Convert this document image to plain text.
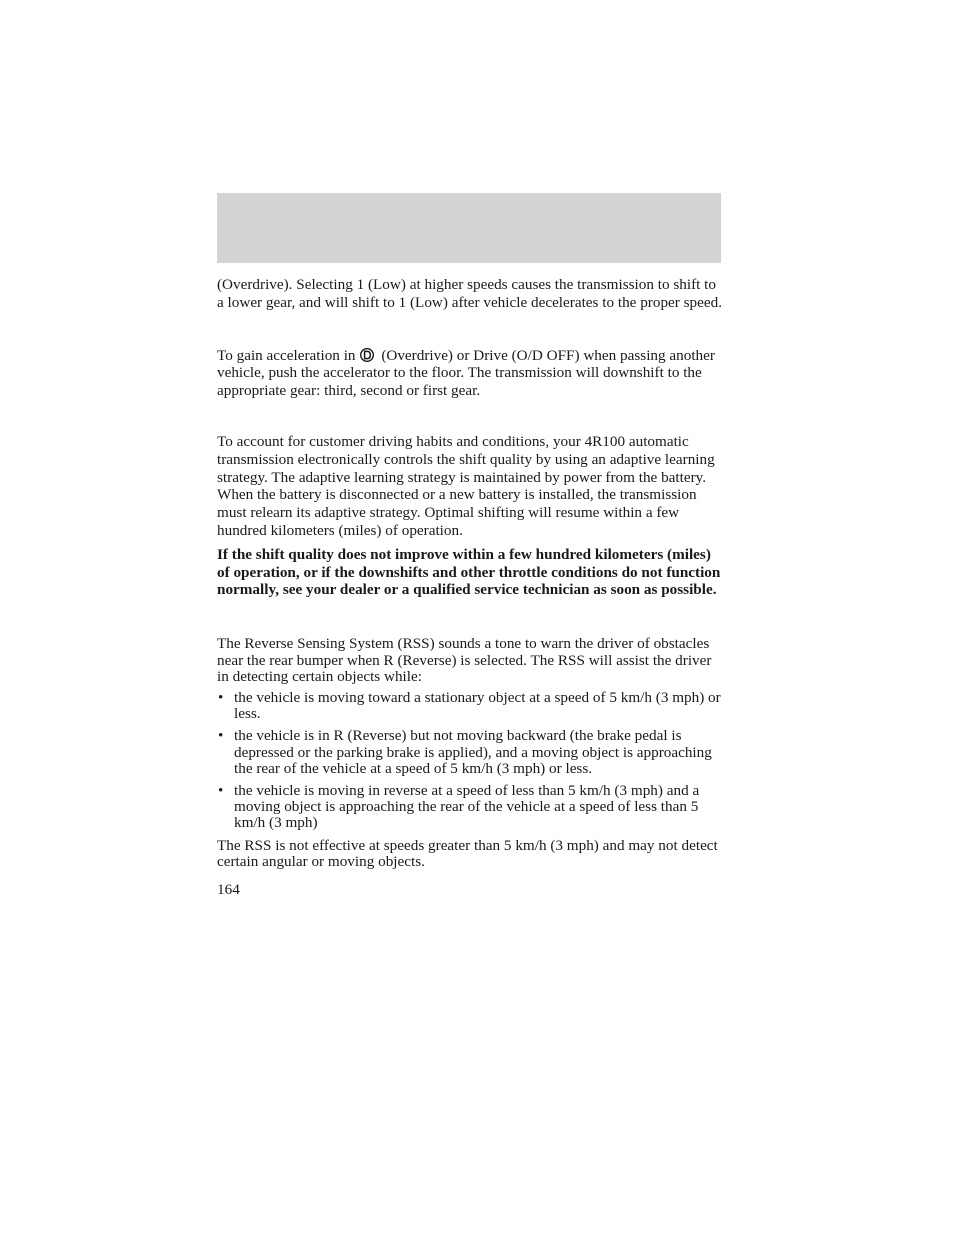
(Overdrive). Selecting 1 (Low) at higher speeds causes the transmission to shift to a lower gear, and will shift to 1 (Low) after vehicle decelerates to the proper speed.

To gain acceleration in
(Overdrive) or Drive (O/D OFF) when passing another vehicle, push the accelerator to the floor. The transmission will downshift to the appropriate gear: third, second or first gear.

To account for customer driving habits and conditions, your 4R100 automatic transmission electronically controls the shift quality by using an adaptive learning strategy. The adaptive learning strategy is maintained by power from the battery. When the battery is disconnected or a new battery is installed, the transmission must relearn its adaptive strategy. Optimal shifting will resume within a few hundred kilometers (miles) of operation.

If the shift quality does not improve within a few hundred kilometers (miles) of operation, or if the downshifts and other throttle conditions do not function normally, see your dealer or a qualified service technician as soon as possible.

The Reverse Sensing System (RSS) sounds a tone to warn the driver of obstacles near the rear bumper when R (Reverse) is selected. The RSS will assist the driver in detecting certain objects while:

• the vehicle is moving toward a stationary object at a speed of 5 km/h (3 mph) or less.
• the vehicle is in R (Reverse) but not moving backward (the brake pedal is depressed or the parking brake is applied), and a moving object is approaching the rear of the vehicle at a speed of 5 km/h (3 mph) or less.
• the vehicle is moving in reverse at a speed of less than 5 km/h (3 mph) and a moving object is approaching the rear of the vehicle at a speed of less than 5 km/h (3 mph)

The RSS is not effective at speeds greater than 5 km/h (3 mph) and may not detect certain angular or moving objects.

164
